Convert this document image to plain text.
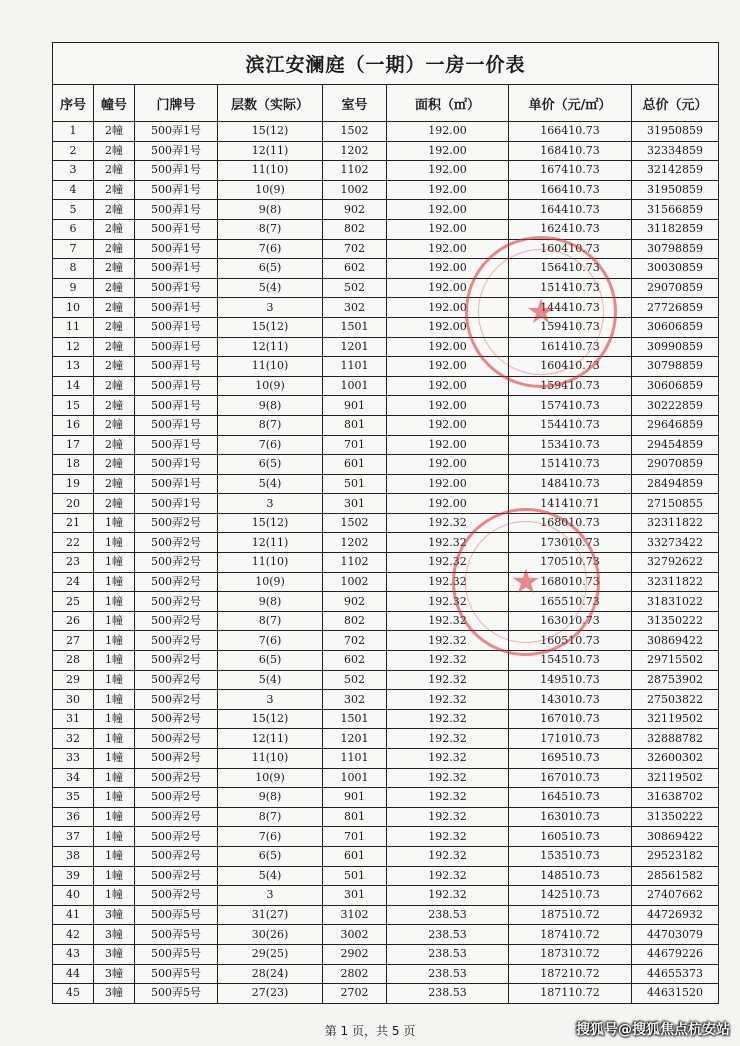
滨江安澜庭（一期）一房一价表							
序号	幢号	门牌号	层数（实际）	室号	面积（㎡）	单价（元/㎡）	总价（元）
1	2幢	500弄1号	15(12)	1502	192.00	166410.73	31950859
2	2幢	500弄1号	12(11)	1202	192.00	168410.73	32334859
3	2幢	500弄1号	11(10)	1102	192.00	167410.73	32142859
4	2幢	500弄1号	10(9)	1002	192.00	166410.73	31950859
5	2幢	500弄1号	9(8)	902	192.00	164410.73	31566859
6	2幢	500弄1号	8(7)	802	192.00	162410.73	31182859
7	2幢	500弄1号	7(6)	702	192.00	160410.73	30798859
8	2幢	500弄1号	6(5)	602	192.00	156410.73	30030859
9	2幢	500弄1号	5(4)	502	192.00	151410.73	29070859
10	2幢	500弄1号	3	302	192.00	144410.73	27726859
11	2幢	500弄1号	15(12)	1501	192.00	159410.73	30606859
12	2幢	500弄1号	12(11)	1201	192.00	161410.73	30990859
13	2幢	500弄1号	11(10)	1101	192.00	160410.73	30798859
14	2幢	500弄1号	10(9)	1001	192.00	159410.73	30606859
15	2幢	500弄1号	9(8)	901	192.00	157410.73	30222859
16	2幢	500弄1号	8(7)	801	192.00	154410.73	29646859
17	2幢	500弄1号	7(6)	701	192.00	153410.73	29454859
18	2幢	500弄1号	6(5)	601	192.00	151410.73	29070859
19	2幢	500弄1号	5(4)	501	192.00	148410.73	28494859
20	2幢	500弄1号	3	301	192.00	141410.71	27150855
21	1幢	500弄2号	15(12)	1502	192.32	168010.73	32311822
22	1幢	500弄2号	12(11)	1202	192.32	173010.73	33273422
23	1幢	500弄2号	11(10)	1102	192.32	170510.73	32792622
24	1幢	500弄2号	10(9)	1002	192.32	168010.73	32311822
25	1幢	500弄2号	9(8)	902	192.32	165510.73	31831022
26	1幢	500弄2号	8(7)	802	192.32	163010.73	31350222
27	1幢	500弄2号	7(6)	702	192.32	160510.73	30869422
28	1幢	500弄2号	6(5)	602	192.32	154510.73	29715502
29	1幢	500弄2号	5(4)	502	192.32	149510.73	28753902
30	1幢	500弄2号	3	302	192.32	143010.73	27503822
31	1幢	500弄2号	15(12)	1501	192.32	167010.73	32119502
32	1幢	500弄2号	12(11)	1201	192.32	171010.73	32888782
33	1幢	500弄2号	11(10)	1101	192.32	169510.73	32600302
34	1幢	500弄2号	10(9)	1001	192.32	167010.73	32119502
35	1幢	500弄2号	9(8)	901	192.32	164510.73	31638702
36	1幢	500弄2号	8(7)	801	192.32	163010.73	31350222
37	1幢	500弄2号	7(6)	701	192.32	160510.73	30869422
38	1幢	500弄2号	6(5)	601	192.32	153510.73	29523182
39	1幢	500弄2号	5(4)	501	192.32	148510.73	28561582
40	1幢	500弄2号	3	301	192.32	142510.73	27407662
41	3幢	500弄5号	31(27)	3102	238.53	187510.72	44726932
42	3幢	500弄5号	30(26)	3002	238.53	187410.72	44703079
43	3幢	500弄5号	29(25)	2902	238.53	187310.72	44679226
44	3幢	500弄5号	28(24)	2802	238.53	187210.72	44655373
45	3幢	500弄5号	27(23)	2702	238.53	187110.72	44631520
★
★
第 1 页，共 5 页	搜狐号@搜狐焦点杭安站
